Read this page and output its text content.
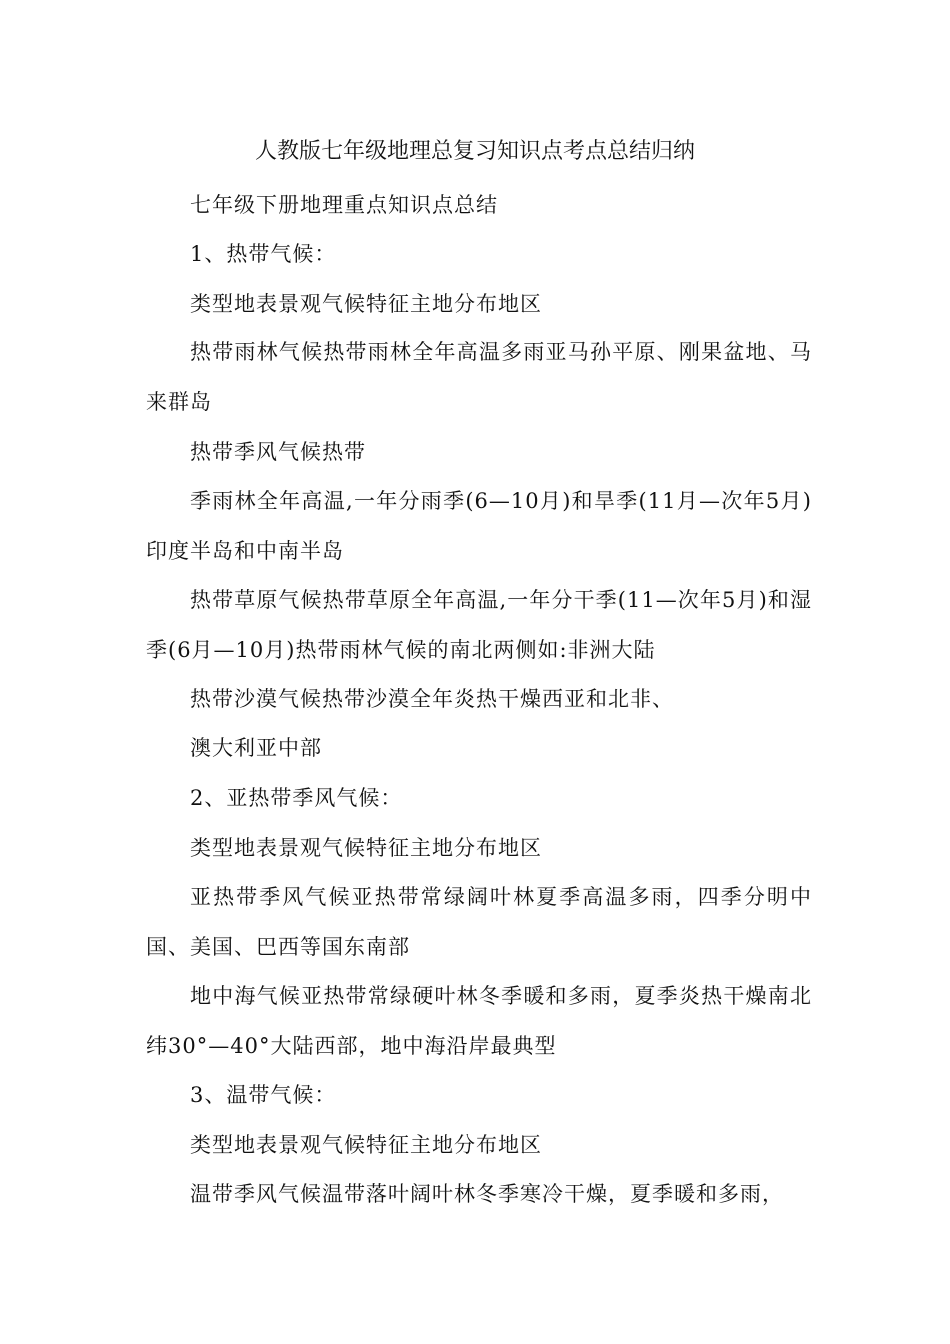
人教版七年级地理总复习知识点考点总结归纳

七年级下册地理重点知识点总结

1、热带气候：

类型地表景观气候特征主地分布地区

热带雨林气候热带雨林全年高温多雨亚马孙平原、刚果盆地、马来群岛

热带季风气候热带

季雨林全年高温,一年分雨季(6—10月)和旱季(11月—次年5月)印度半岛和中南半岛

热带草原气候热带草原全年高温,一年分干季(11—次年5月)和湿季(6月—10月)热带雨林气候的南北两侧如:非洲大陆

热带沙漠气候热带沙漠全年炎热干燥西亚和北非、

澳大利亚中部

2、亚热带季风气候：

类型地表景观气候特征主地分布地区

亚热带季风气候亚热带常绿阔叶林夏季高温多雨，四季分明中国、美国、巴西等国东南部

地中海气候亚热带常绿硬叶林冬季暖和多雨，夏季炎热干燥南北纬30°—40°大陆西部，地中海沿岸最典型

3、温带气候：

类型地表景观气候特征主地分布地区

温带季风气候温带落叶阔叶林冬季寒冷干燥，夏季暖和多雨，
